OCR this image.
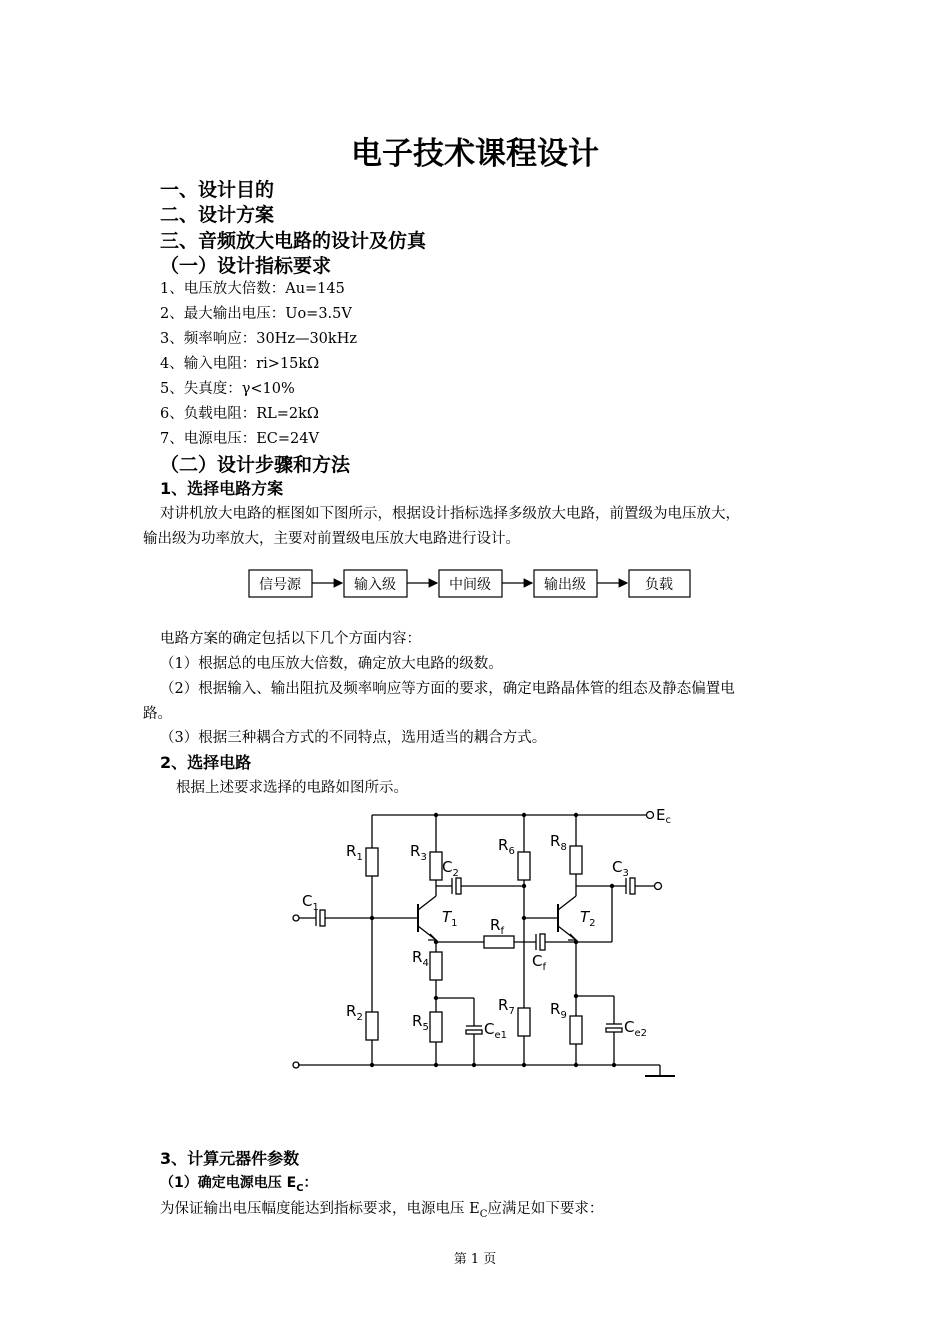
电子技术课程设计
一、设计目的
二、设计方案
三、音频放大电路的设计及仿真
（一）设计指标要求
1、电压放大倍数：Au=145
2、最大输出电压：Uo=3.5V
3、频率响应：30Hz—30kHz
4、输入电阻：ri>15kΩ
5、失真度：γ<10%
6、负载电阻：RL=2kΩ
7、电源电压：EC=24V
（二）设计步骤和方法
1、选择电路方案
对讲机放大电路的框图如下图所示，根据设计指标选择多级放大电路，前置级为电压放大，
输出级为功率放大，主要对前置级电压放大电路进行设计。
信号源	输入级	中间级	输出级	负载
电路方案的确定包括以下几个方面内容：
（1）根据总的电压放大倍数，确定放大电路的级数。
（2）根据输入、输出阻抗及频率响应等方面的要求，确定电路晶体管的组态及静态偏置电
路。
（3）根据三种耦合方式的不同特点，选用适当的耦合方式。
2、选择电路
根据上述要求选择的电路如图所示。
$E_c$
$R_1$
$R_2$
$R_3$
$R_4$
$R_5$
$R_6$
$R_7$
$R_8$
$R_9$
$R_f$
$C_1$
$C_2$	$C_3$
$C_f$
$C_{e1}$	$C_{e2}$
$T_1$	$T_2$
3、计算元器件参数
（1）确定电源电压 $E_C$：
为保证输出电压幅度能达到指标要求，电源电压 $E_C$应满足如下要求：
第 1 页
